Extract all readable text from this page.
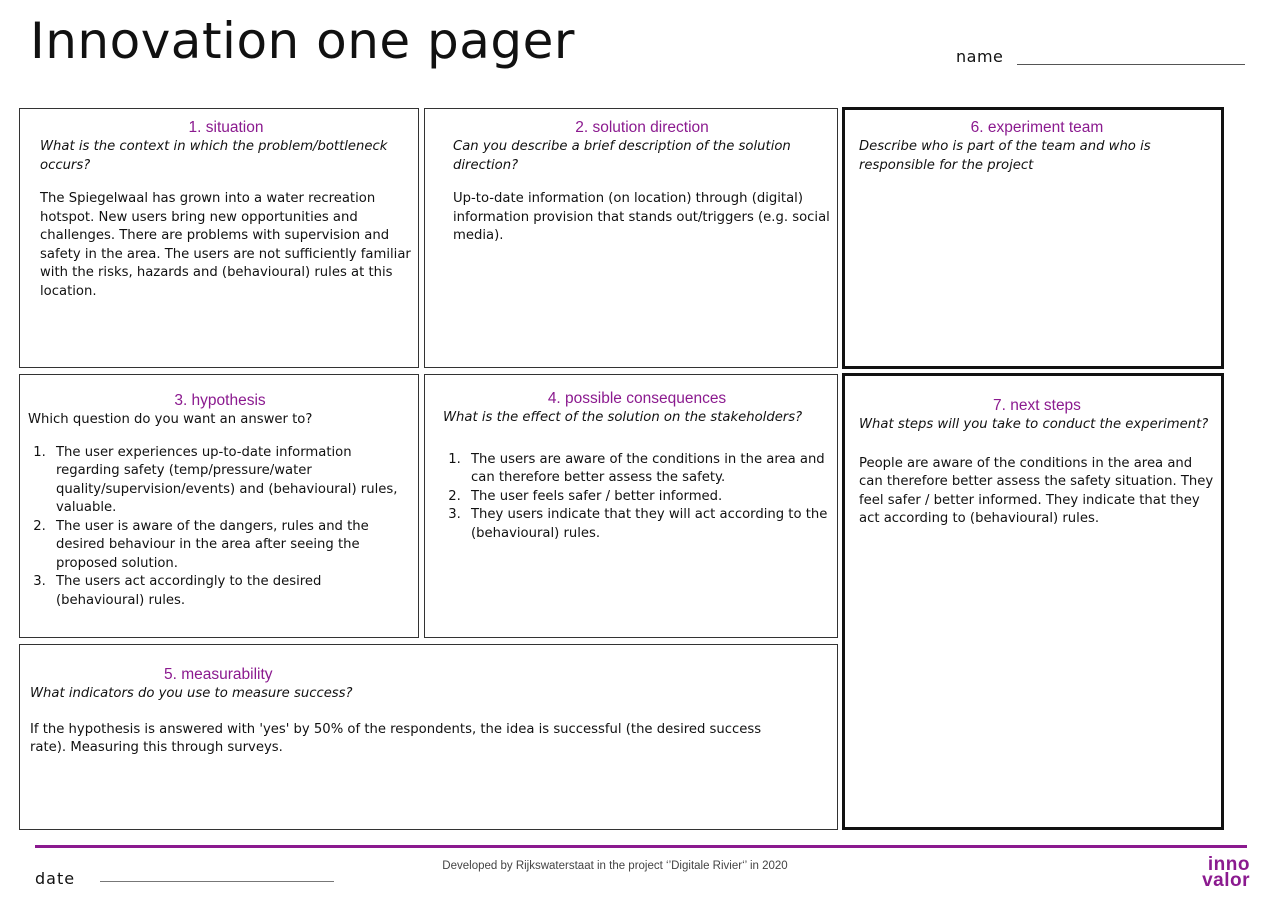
Innovation one pager	name

1. situation

What is the context in which the problem/bottleneck occurs?

The Spiegelwaal has grown into a water recreation hotspot. New users bring new opportunities and challenges. There are problems with supervision and safety in the area. The users are not sufficiently familiar with the risks, hazards and (behavioural) rules at this location.

2. solution direction

Can you describe a brief description of the solution direction?

Up-to-date information (on location) through (digital) information provision that stands out/triggers (e.g. social media).

6. experiment team

Describe who is part of the team and who is responsible for the project

3. hypothesis

Which question do you want an answer to?

1. The user experiences up-to-date information regarding safety (temp/pressure/water quality/supervision/events) and (behavioural) rules, valuable.
2. The user is aware of the dangers, rules and the desired behaviour in the area after seeing the proposed solution.
3. The users act accordingly to the desired (behavioural) rules.

4. possible consequences

What is the effect of the solution on the stakeholders?

1. The users are aware of the conditions in the area and can therefore better assess the safety.
2. The user feels safer / better informed.
3. They users indicate that they will act according to the (behavioural) rules.

7. next steps

What steps will you take to conduct the experiment?

People are aware of the conditions in the area and can therefore better assess the safety situation. They feel safer / better informed. They indicate that they act according to (behavioural) rules.

5. measurability

What indicators do you use to measure success?

If the hypothesis is answered with 'yes' by 50% of the respondents, the idea is successful (the desired success rate). Measuring this through surveys.

date
Developed by Rijkswaterstaat in the project ‘’Digitale Rivier‘’ in 2020	inno
valor
